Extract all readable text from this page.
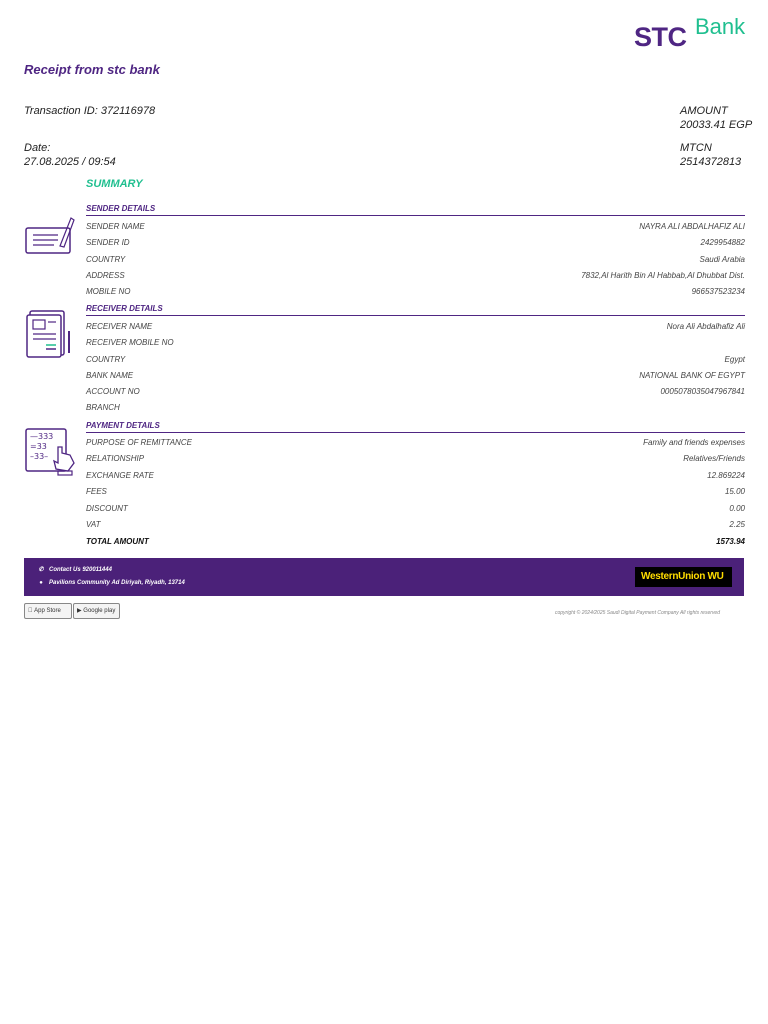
STC Bank
Receipt from stc bank
Transaction ID: 372116978
Date:
27.08.2025 / 09:54
AMOUNT
20033.41 EGP
MTCN
2514372813
SUMMARY
SENDER DETAILS
SENDER NAME	NAYRA ALI ABDALHAFIZ ALI
SENDER ID	2429954882
COUNTRY	Saudi Arabia
ADDRESS	7832,Al Harith Bin Al Habbab,Al Dhubbat Dist.
MOBILE NO	966537523234
RECEIVER DETAILS
RECEIVER NAME	Nora Ali Abdalhafiz Ali
RECEIVER MOBILE NO
COUNTRY	Egypt
BANK NAME	NATIONAL BANK OF EGYPT
ACCOUNT NO	0005078035047967841
BRANCH
—333
=33
–33–
PAYMENT DETAILS
PURPOSE OF REMITTANCE	Family and friends expenses
RELATIONSHIP	Relatives/Friends
EXCHANGE RATE	12.869224
FEES	15.00
DISCOUNT	0.00
VAT	2.25
TOTAL AMOUNT	1573.94
✆ Contact Us 920011444
● Pavilions Community Ad Diriyah, Riyadh, 13714
WesternUnion WU
App Store	▶ Google play	copyright © 2024/2025 Saudi Digital Payment Company All rights reserved
